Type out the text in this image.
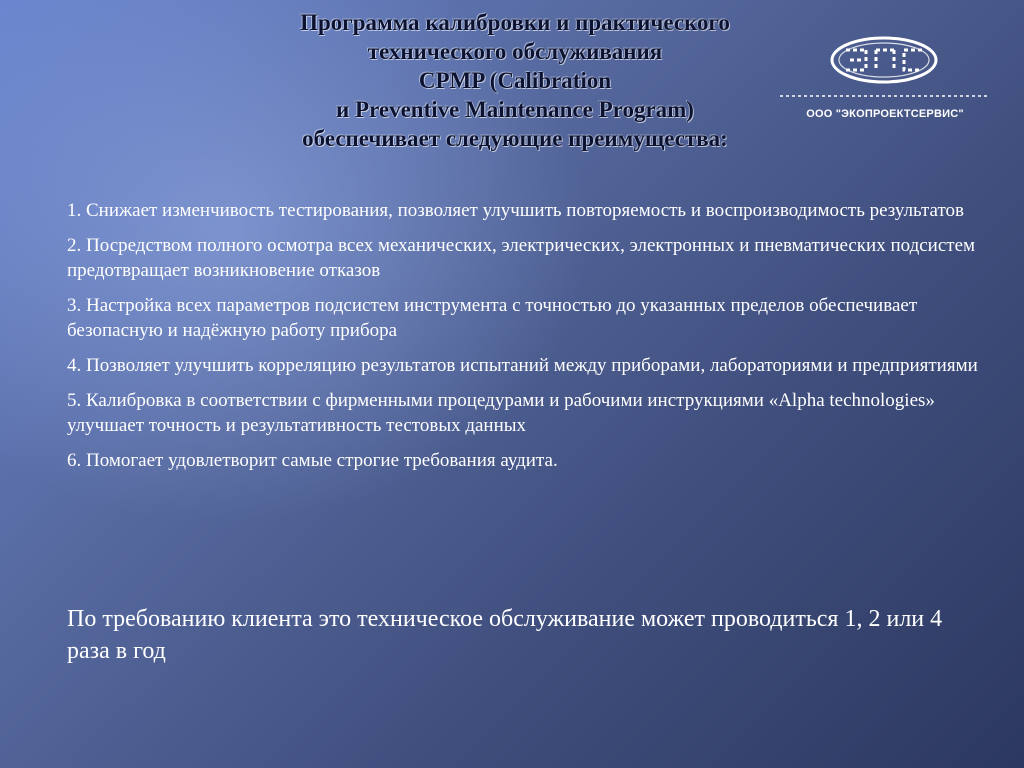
Программа калибровки и практического
технического обслуживания
CPMP (Calibration
и Preventive Maintenance Program)
обеспечивает следующие преимущества:
Э	П	С
ООО "ЭКОПРОЕКТСЕРВИС"
1. Снижает изменчивость тестирования, позволяет улучшить повторяемость и воспроизводимость результатов
2. Посредством полного осмотра всех механических, электрических, электронных и пневматических подсистем предотвращает возникновение отказов
3. Настройка всех параметров подсистем инструмента с точностью до указанных пределов обеспечивает безопасную и надёжную работу прибора
4. Позволяет улучшить корреляцию результатов испытаний между приборами, лабораториями и предприятиями
5. Калибровка в соответствии с фирменными процедурами и рабочими инструкциями «Alpha technologies» улучшает точность и результативность тестовых данных
6. Помогает удовлетворит самые строгие требования аудита.
По требованию клиента это техническое обслуживание может проводиться 1, 2 или 4 раза в год
